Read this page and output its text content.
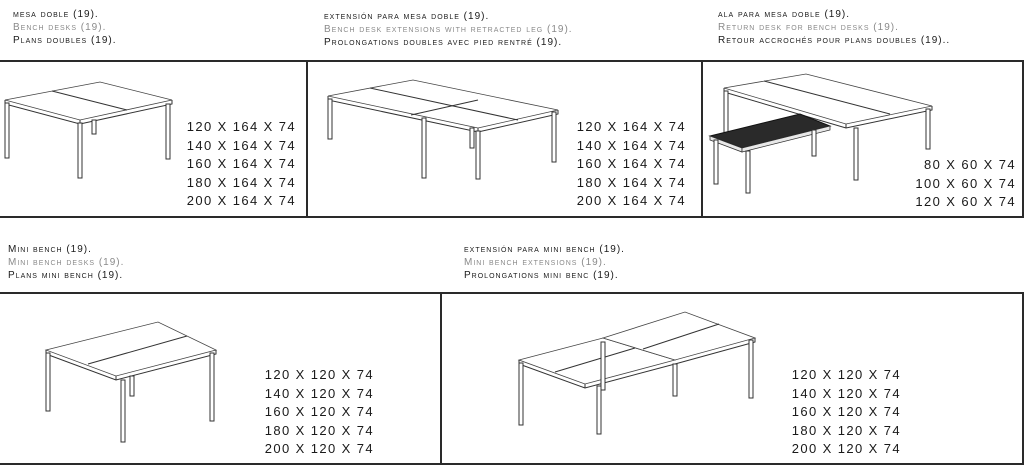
mesa doble (19).
Bench desks (19).
Plans doubles (19).
extensión para mesa doble (19).
Bench desk extensions with retracted leg (19).
Prolongations doubles avec pied rentré (19).
ala para mesa doble (19).
Return desk for bench desks (19).
Retour accrochés pour plans doubles (19)..
120 X 164 X 74
140 X 164 X 74
160 X 164 X 74
180 X 164 X 74
200 X 164 X 74
120 X 164 X 74
140 X 164 X 74
160 X 164 X 74
180 X 164 X 74
200 X 164 X 74
80 X 60 X 74
100 X 60 X 74
120 X 60 X 74
Mini bench (19).
Mini bench desks (19).
Plans mini bench (19).
extensión para mini bench (19).
Mini bench extensions (19).
Prolongations mini benc (19).
120 X 120 X 74
140 X 120 X 74
160 X 120 X 74
180 X 120 X 74
200 X 120 X 74
120 X 120 X 74
140 X 120 X 74
160 X 120 X 74
180 X 120 X 74
200 X 120 X 74
